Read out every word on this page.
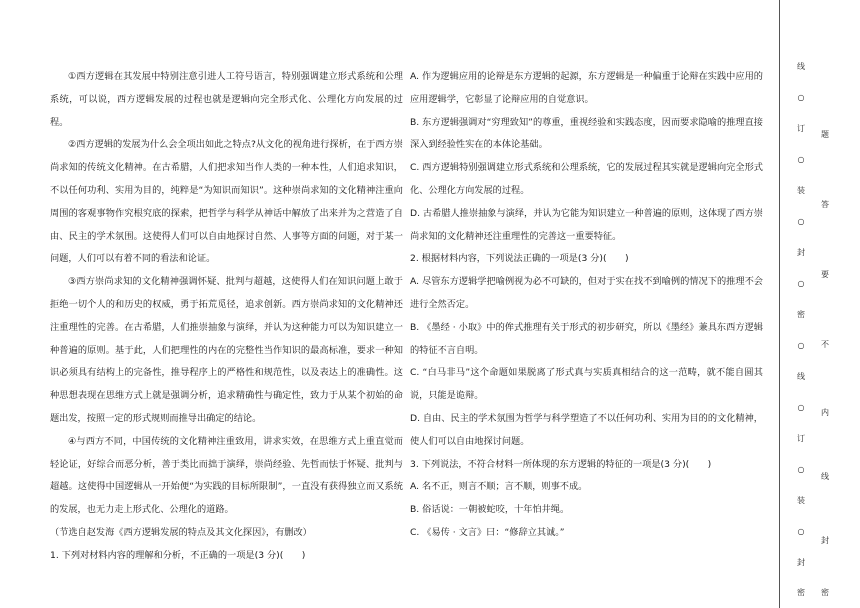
①西方逻辑在其发展中特别注意引进人工符号语言，特别强调建立形式系统和公理系统，可以说，西方逻辑发展的过程也就是逻辑向完全形式化、公理化方向发展的过程。

②西方逻辑的发展为什么会全项出如此之特点?从文化的视角进行探析，在于西方崇尚求知的传统文化精神。在古希腊，人们把求知当作人类的一种本性，人们追求知识，不以任何功利、实用为目的，纯粹是“为知识而知识”。这种崇尚求知的文化精神注重向周围的客观事物作究根究底的探索，把哲学与科学从神话中解放了出来并为之营造了自由、民主的学术氛围。这使得人们可以自由地探讨自然、人事等方面的问题，对于某一问题，人们可以有着不同的看法和论证。

③西方崇尚求知的文化精神强调怀疑、批判与超越，这使得人们在知识问题上敢于拒绝一切个人的和历史的权威，勇于拓荒觅径，追求创新。西方崇尚求知的文化精神还注重理性的完善。在古希腊，人们推崇抽象与演绎，并认为这种能力可以为知识建立一种普遍的原则。基于此，人们把理性的内在的完整性当作知识的最高标准，要求一种知识必须具有结构上的完备性，推导程序上的严格性和规范性，以及表达上的准确性。这种思想表现在思维方式上就是强调分析，追求精确性与确定性，致力于从某个初始的命题出发，按照一定的形式规则而推导出确定的结论。

④与西方不同，中国传统的文化精神注重致用，讲求实效，在思维方式上重直觉而轻论证，好综合而恶分析，善于类比而拙于演绎，崇尚经验、先哲而怯于怀疑、批判与超越。这使得中国逻辑从一开始便“为实践的目标所限制”，一直没有获得独立而又系统的发展，也无力走上形式化、公理化的道路。

（节选自赵发海《西方逻辑发展的特点及其文化探因》，有删改）

1. 下列对材料内容的理解和分析，不正确的一项是(3 分)(　　)

A. 作为逻辑应用的论辩是东方逻辑的起源，东方逻辑是一种偏重于论辩在实践中应用的应用逻辑学，它彰显了论辩应用的自觉意识。

B. 东方逻辑强调对“穷理致知”的尊重，重视经验和实践态度，因而要求隐喻的推理直接深入到经验性实在的本体论基础。

C. 西方逻辑特别强调建立形式系统和公理系统，它的发展过程其实就是逻辑向完全形式化、公理化方向发展的过程。

D. 古希腊人推崇抽象与演绎，并认为它能为知识建立一种普遍的原则，这体现了西方崇尚求知的文化精神还注重理性的完善这一重要特征。

2. 根据材料内容，下列说法正确的一项是(3 分)(　　)

A. 尽管东方逻辑学把喻例视为必不可缺的，但对于实在找不到喻例的情况下的推理不会进行全然否定。

B. 《墨经 · 小取》中的侔式推理有关于形式的初步研究，所以《墨经》兼具东西方逻辑的特征不言自明。

C. “白马非马”这个命题如果脱离了形式真与实质真相结合的这一范畴，就不能自圆其说，只能是诡辩。

D. 自由、民主的学术氛围为哲学与科学塑造了不以任何功利、实用为目的的文化精神，使人们可以自由地探讨问题。

3. 下列说法，不符合材料一所体现的东方逻辑的特征的一项是(3 分)(　　)

A. 名不正，则言不顺；言不顺，则事不成。

B. 俗话说：一朝被蛇咬，十年怕井绳。

C. 《易传 · 文言》曰：“修辞立其诚。”

线
○
订
○
装
○
封
○
密
○
线
○
订
○
装
○
封
密
题
答
要
不
内
线
封
密
